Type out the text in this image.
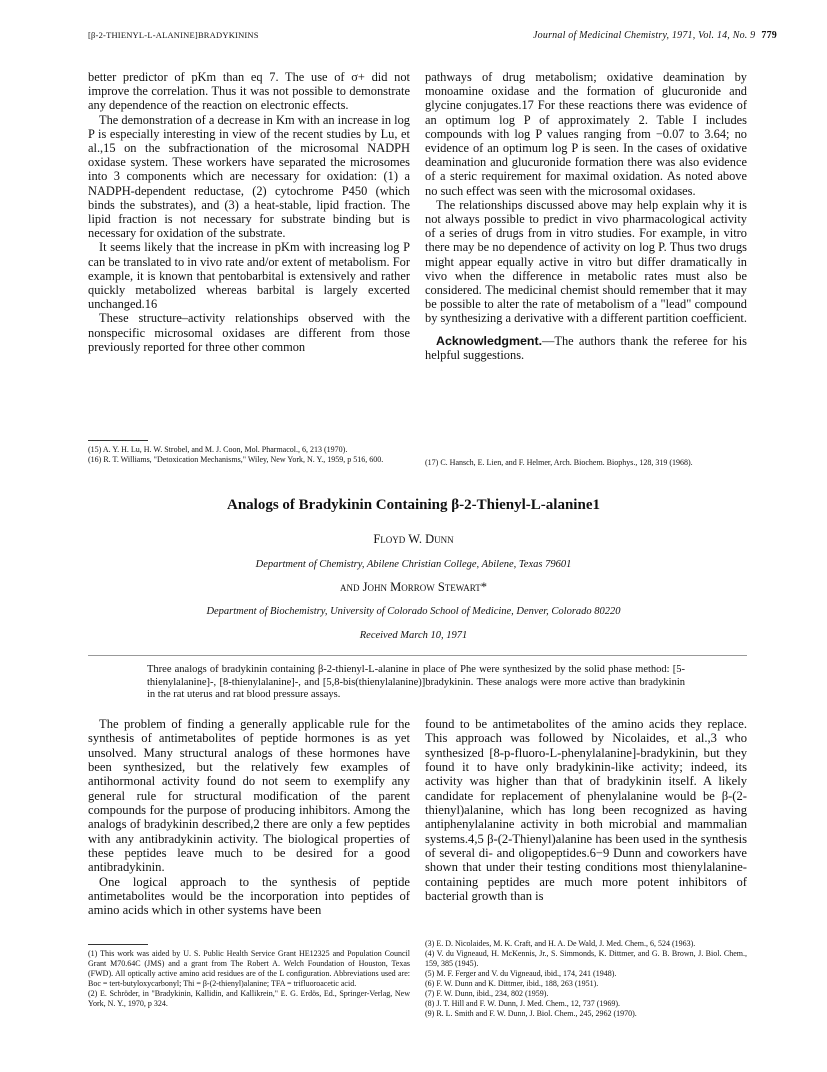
[β-2-THIENYL-L-ALANINE]BRADYKININS	Journal of Medicinal Chemistry, 1971, Vol. 14, No. 9 779

better predictor of pKm than eq 7. The use of σ+ did not improve the correlation. Thus it was not possible to demonstrate any dependence of the reaction on electronic effects.

The demonstration of a decrease in Km with an increase in log P is especially interesting in view of the recent studies by Lu, et al.,15 on the subfractionation of the microsomal NADPH oxidase system. These workers have separated the microsomes into 3 components which are necessary for oxidation: (1) a NADPH-dependent reductase, (2) cytochrome P450 (which binds the substrates), and (3) a heat-stable, lipid fraction. The lipid fraction is not necessary for substrate binding but is necessary for oxidation of the substrate.

It seems likely that the increase in pKm with increasing log P can be translated to in vivo rate and/or extent of metabolism. For example, it is known that pentobarbital is extensively and rather quickly metabolized whereas barbital is largely excerted unchanged.16

These structure–activity relationships observed with the nonspecific microsomal oxidases are different from those previously reported for three other common

pathways of drug metabolism; oxidative deamination by monoamine oxidase and the formation of glucuronide and glycine conjugates.17 For these reactions there was evidence of an optimum log P of approximately 2. Table I includes compounds with log P values ranging from −0.07 to 3.64; no evidence of an optimum log P is seen. In the cases of oxidative deamination and glucuronide formation there was also evidence of a steric requirement for maximal oxidation. As noted above no such effect was seen with the microsomal oxidases.

The relationships discussed above may help explain why it is not always possible to predict in vivo pharmacological activity of a series of drugs from in vitro studies. For example, in vitro there may be no dependence of activity on log P. Thus two drugs might appear equally active in vitro but differ dramatically in vivo when the difference in metabolic rates must also be considered. The medicinal chemist should remember that it may be possible to alter the rate of metabolism of a "lead" compound by synthesizing a derivative with a different partition coefficient.

Acknowledgment.—The authors thank the referee for his helpful suggestions.

(15) A. Y. H. Lu, H. W. Strobel, and M. J. Coon, Mol. Pharmacol., 6, 213 (1970).

(16) R. T. Williams, "Detoxication Mechanisms," Wiley, New York, N. Y., 1959, p 516, 600.	(17) C. Hansch, E. Lien, and F. Helmer, Arch. Biochem. Biophys., 128, 319 (1968).

Analogs of Bradykinin Containing β-2-Thienyl-L-alanine1
Floyd W. Dunn
Department of Chemistry, Abilene Christian College, Abilene, Texas 79601
and John Morrow Stewart*
Department of Biochemistry, University of Colorado School of Medicine, Denver, Colorado 80220
Received March 10, 1971
Three analogs of bradykinin containing β-2-thienyl-L-alanine in place of Phe were synthesized by the solid phase method: [5-thienylalanine]-, [8-thienylalanine]-, and [5,8-bis(thienylalanine)]bradykinin. These analogs were more active than bradykinin in the rat uterus and rat blood pressure assays.

The problem of finding a generally applicable rule for the synthesis of antimetabolites of peptide hormones is as yet unsolved. Many structural analogs of these hormones have been synthesized, but the relatively few examples of antihormonal activity found do not seem to exemplify any general rule for structural modification of the parent compounds for the purpose of producing inhibitors. Among the analogs of bradykinin described,2 there are only a few peptides with any antibradykinin activity. The biological properties of these peptides leave much to be desired for a good antibradykinin.

One logical approach to the synthesis of peptide antimetabolites would be the incorporation into peptides of amino acids which in other systems have been

found to be antimetabolites of the amino acids they replace. This approach was followed by Nicolaides, et al.,3 who synthesized [8-p-fluoro-L-phenylalanine]-bradykinin, but they found it to have only bradykinin-like activity; indeed, its activity was higher than that of bradykinin itself. A likely candidate for replacement of phenylalanine would be β-(2-thienyl)alanine, which has long been recognized as having antiphenylalanine activity in both microbial and mammalian systems.4,5 β-(2-Thienyl)alanine has been used in the synthesis of several di- and oligopeptides.6−9 Dunn and coworkers have shown that under their testing conditions most thienylalanine-containing peptides are much more potent inhibitors of bacterial growth than is

(1) This work was aided by U. S. Public Health Service Grant HE12325 and Population Council Grant M70.64C (JMS) and a grant from The Robert A. Welch Foundation of Houston, Texas (FWD). All optically active amino acid residues are of the L configuration. Abbreviations used are: Boc = tert-butyloxycarbonyl; Thi = β-(2-thienyl)alanine; TFA = trifluoroacetic acid.

(2) E. Schröder, in "Bradykinin, Kallidin, and Kallikrein," E. G. Erdös, Ed., Springer-Verlag, New York, N. Y., 1970, p 324.

(3) E. D. Nicolaides, M. K. Craft, and H. A. De Wald, J. Med. Chem., 6, 524 (1963).

(4) V. du Vigneaud, H. McKennis, Jr., S. Simmonds, K. Dittmer, and G. B. Brown, J. Biol. Chem., 159, 385 (1945).

(5) M. F. Ferger and V. du Vigneaud, ibid., 174, 241 (1948).

(6) F. W. Dunn and K. Dittmer, ibid., 188, 263 (1951).

(7) F. W. Dunn, ibid., 234, 802 (1959).

(8) J. T. Hill and F. W. Dunn, J. Med. Chem., 12, 737 (1969).

(9) R. L. Smith and F. W. Dunn, J. Biol. Chem., 245, 2962 (1970).
